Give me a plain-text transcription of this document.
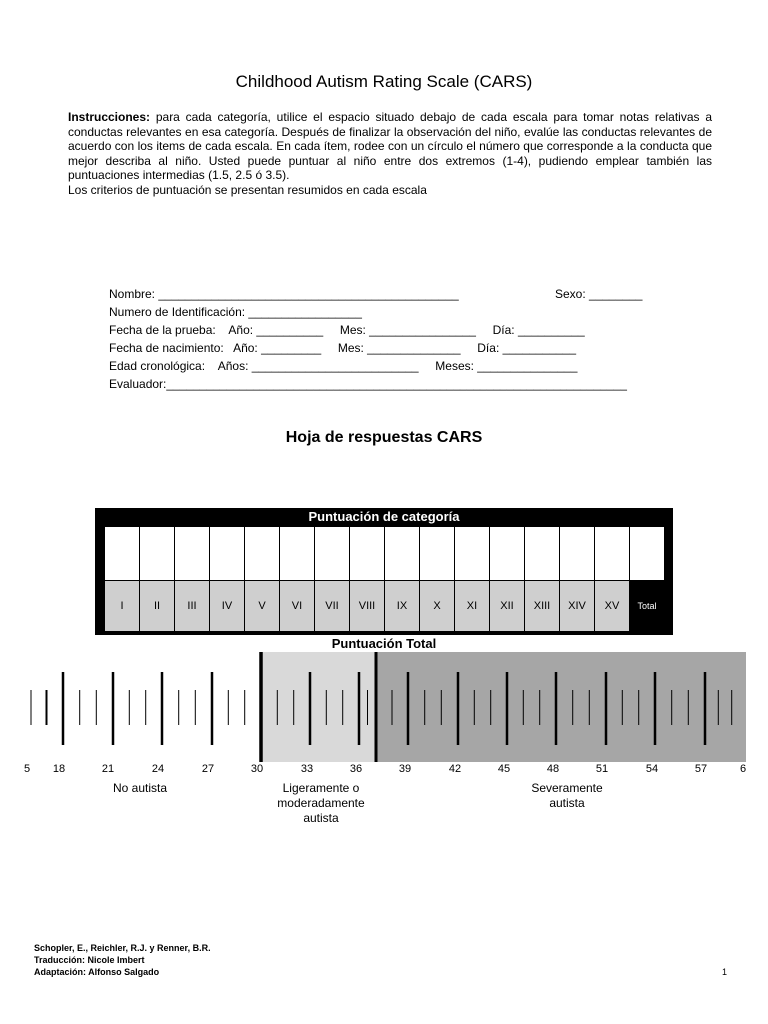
Childhood Autism Rating Scale (CARS)
Instrucciones: para cada categoría, utilice el espacio situado debajo de cada escala para tomar notas relativas a conductas relevantes en esa categoría. Después de finalizar la observación del niño, evalúe las conductas relevantes de acuerdo con los items de cada escala. En cada ítem, rodee con un círculo el número que corresponde a la conducta que mejor describa al niño. Usted puede puntuar al niño entre dos extremos (1-4), pudiendo emplear también las puntuaciones intermedias (1.5, 2.5 ó 3.5).
Los criterios de puntuación se presentan resumidos en cada escala
Nombre: _____________________________________________	Sexo: ________
Numero de Identificación: _________________
Fecha de la prueba:    Año: __________     Mes: ________________     Día: __________
Fecha de nacimiento:   Año: _________     Mes: ______________     Día: ___________
Edad cronológica:    Años: _________________________     Meses: _______________
Evaluador:_____________________________________________________________________
Hoja de respuestas CARS
Puntuación de categoría
I	II	III	IV	V	VI	VII	VIII	IX	X	XI	XII	XIII	XIV	XV	Total
Puntuación Total
5 18	21	24	27	30	33	36	39	42	45	48	51	54	57	6
No autista	Ligeramente o
moderadamente
autista
Severamente
autista
Schopler, E., Reichler, R.J. y Renner, B.R.
Traducción: Nicole Imbert
Adaptación: Alfonso Salgado	1
